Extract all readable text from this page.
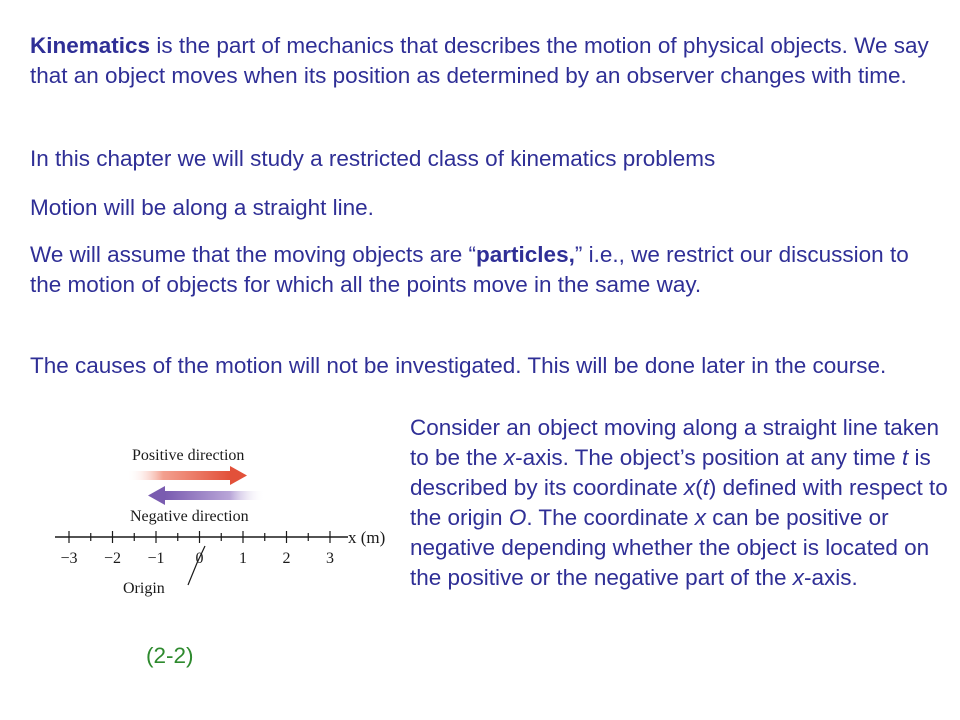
Kinematics is the part of mechanics that describes the motion of physical objects. We say that an object moves when its position as determined by an observer changes with time.

In this chapter we will study a restricted class of kinematics problems

Motion will be along a straight line.

We will assume that the moving objects are “particles,” i.e., we restrict our discussion to the motion of objects for which all the points move in the same way.

The causes of the motion will not be investigated. This will be done later in the course.

Consider an object moving along a straight line taken to be the x-axis. The object’s position at any time t is described by its coordinate x(t) defined with respect to the origin O. The coordinate x can be positive or negative depending whether the object is located on the positive or the negative part of the x-axis.

Positive direction
Negative direction
−3 −2 −1 0 1 2 3
x (m)
Origin
(2-2)
